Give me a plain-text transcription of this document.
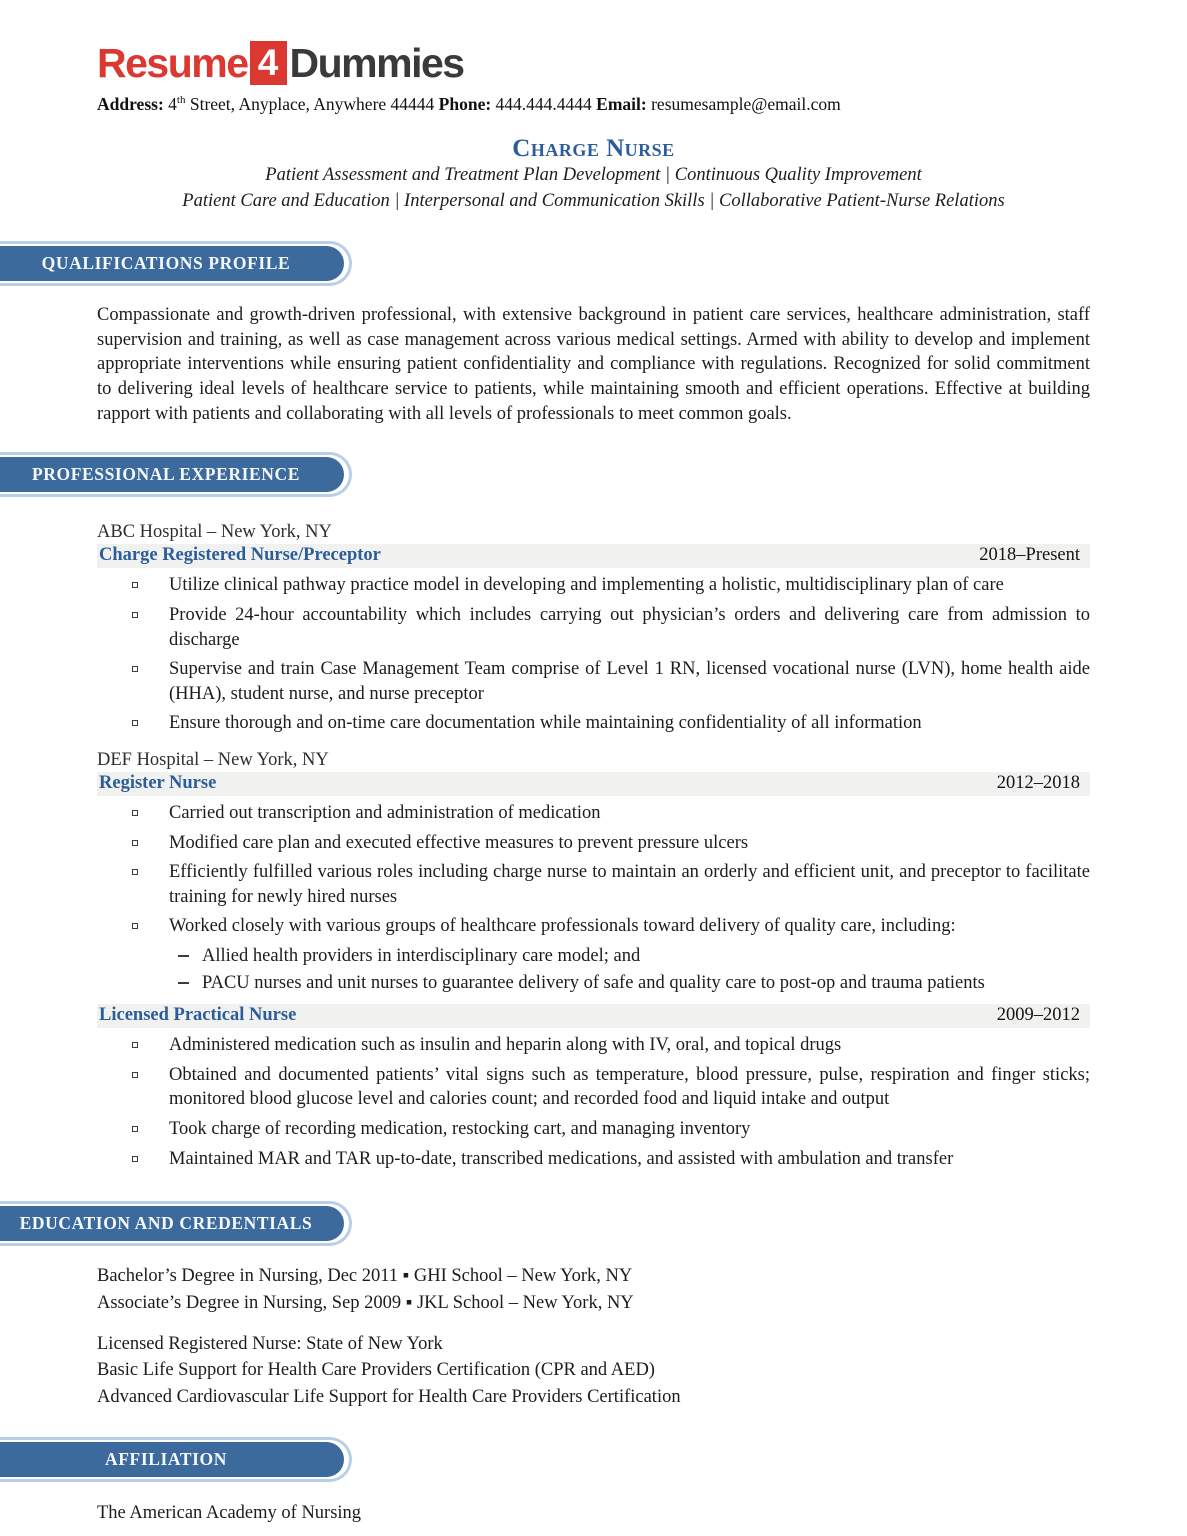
Resume 4 Dummies
Address: 4th Street, Anyplace, Anywhere 44444 Phone: 444.444.4444 Email: resumesample@email.com
Charge Nurse
Patient Assessment and Treatment Plan Development | Continuous Quality Improvement
Patient Care and Education | Interpersonal and Communication Skills | Collaborative Patient-Nurse Relations
QUALIFICATIONS PROFILE
Compassionate and growth-driven professional, with extensive background in patient care services, healthcare administration, staff supervision and training, as well as case management across various medical settings. Armed with ability to develop and implement appropriate interventions while ensuring patient confidentiality and compliance with regulations. Recognized for solid commitment to delivering ideal levels of healthcare service to patients, while maintaining smooth and efficient operations. Effective at building rapport with patients and collaborating with all levels of professionals to meet common goals.
PROFESSIONAL EXPERIENCE
ABC Hospital – New York, NY
Charge Registered Nurse/Preceptor	2018–Present
Utilize clinical pathway practice model in developing and implementing a holistic, multidisciplinary plan of care
Provide 24-hour accountability which includes carrying out physician’s orders and delivering care from admission to discharge
Supervise and train Case Management Team comprise of Level 1 RN, licensed vocational nurse (LVN), home health aide (HHA), student nurse, and nurse preceptor
Ensure thorough and on-time care documentation while maintaining confidentiality of all information
DEF Hospital – New York, NY
Register Nurse	2012–2018
Carried out transcription and administration of medication
Modified care plan and executed effective measures to prevent pressure ulcers
Efficiently fulfilled various roles including charge nurse to maintain an orderly and efficient unit, and preceptor to facilitate training for newly hired nurses
Worked closely with various groups of healthcare professionals toward delivery of quality care, including:
Allied health providers in interdisciplinary care model; and
PACU nurses and unit nurses to guarantee delivery of safe and quality care to post-op and trauma patients
Licensed Practical Nurse	2009–2012
Administered medication such as insulin and heparin along with IV, oral, and topical drugs
Obtained and documented patients’ vital signs such as temperature, blood pressure, pulse, respiration and finger sticks; monitored blood glucose level and calories count; and recorded food and liquid intake and output
Took charge of recording medication, restocking cart, and managing inventory
Maintained MAR and TAR up-to-date, transcribed medications, and assisted with ambulation and transfer
EDUCATION AND CREDENTIALS
Bachelor’s Degree in Nursing, Dec 2011 ▪ GHI School – New York, NY
Associate’s Degree in Nursing, Sep 2009 ▪ JKL School – New York, NY
Licensed Registered Nurse: State of New York
Basic Life Support for Health Care Providers Certification (CPR and AED)
Advanced Cardiovascular Life Support for Health Care Providers Certification
AFFILIATION
The American Academy of Nursing
